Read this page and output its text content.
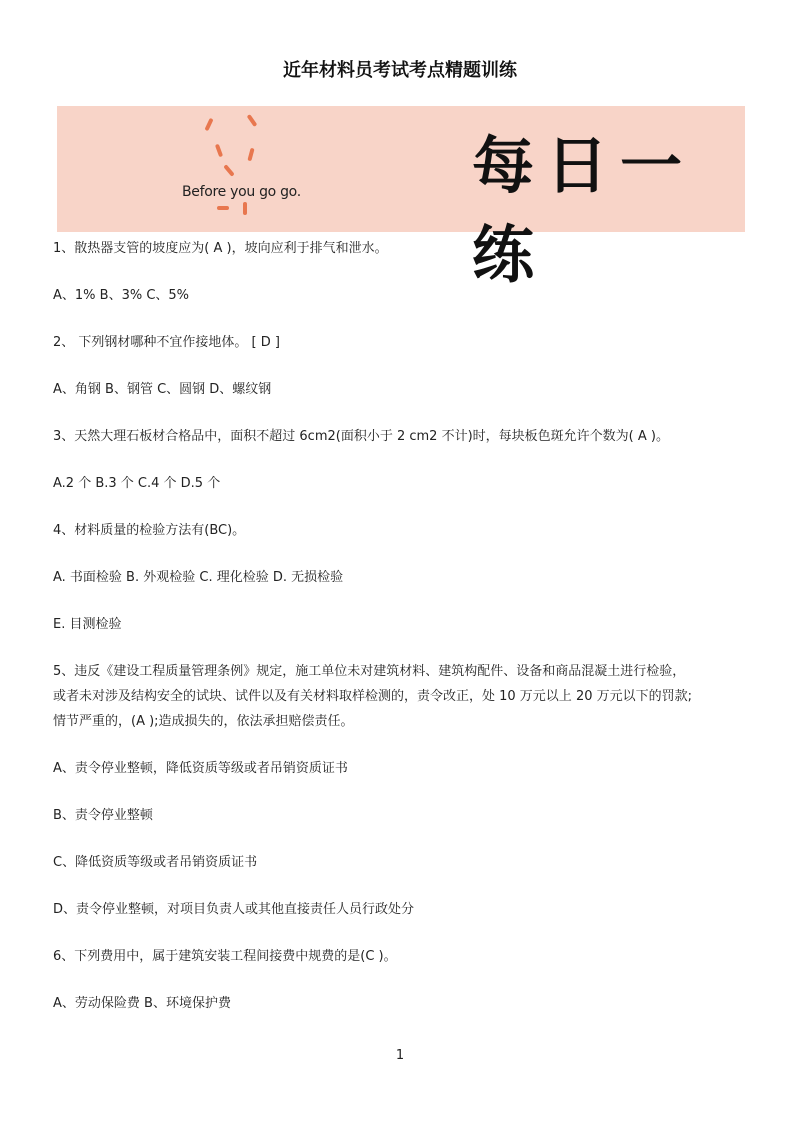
近年材料员考试考点精题训练
Before you go go.	每日一练

1、散热器支管的坡度应为( A )，坡向应利于排气和泄水。

A、1% B、3% C、5%

2、 下列钢材哪种不宜作接地体。 [ D ]

A、角钢 B、钢管 C、圆钢 D、螺纹钢

3、天然大理石板材合格品中，面积不超过 6cm2(面积小于 2 cm2 不计)时，每块板色斑允许个数为( A )。

A.2 个 B.3 个 C.4 个 D.5 个

4、材料质量的检验方法有(BC)。

A. 书面检验 B. 外观检验 C. 理化检验 D. 无损检验

E. 目测检验

5、违反《建设工程质量管理条例》规定，施工单位未对建筑材料、建筑构配件、设备和商品混凝土进行检验，

或者未对涉及结构安全的试块、试件以及有关材料取样检测的，责令改正，处 10 万元以上 20 万元以下的罚款;

情节严重的，(A );造成损失的，依法承担赔偿责任。

A、责令停业整顿，降低资质等级或者吊销资质证书

B、责令停业整顿

C、降低资质等级或者吊销资质证书

D、责令停业整顿，对项目负责人或其他直接责任人员行政处分

6、下列费用中，属于建筑安装工程间接费中规费的是(C )。

A、劳动保险费 B、环境保护费

1
